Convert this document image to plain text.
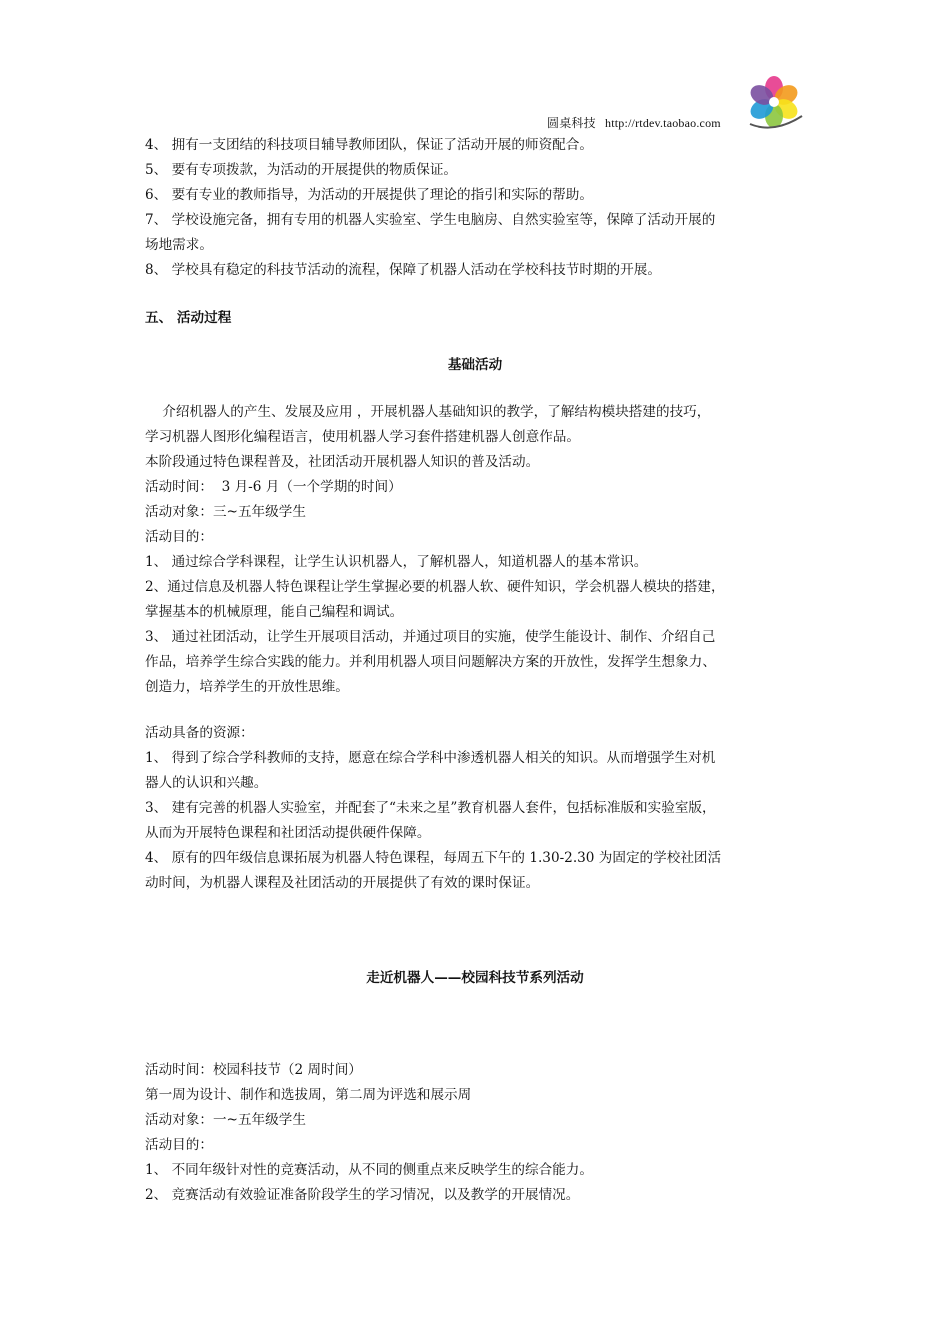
圆桌科技 http://rtdev.taobao.com
4、 拥有一支团结的科技项目辅导教师团队，保证了活动开展的师资配合。
5、 要有专项拨款，为活动的开展提供的物质保证。
6、 要有专业的教师指导，为活动的开展提供了理论的指引和实际的帮助。
7、 学校设施完备，拥有专用的机器人实验室、学生电脑房、自然实验室等，保障了活动开展的
场地需求。
8、 学校具有稳定的科技节活动的流程，保障了机器人活动在学校科技节时期的开展。
五、 活动过程
基础活动
介绍机器人的产生、发展及应用 ，开展机器人基础知识的教学，了解结构模块搭建的技巧，
学习机器人图形化编程语言，使用机器人学习套件搭建机器人创意作品。
本阶段通过特色课程普及，社团活动开展机器人知识的普及活动。
活动时间：  3 月-6 月（一个学期的时间）
活动对象：三~五年级学生
活动目的：
1、 通过综合学科课程，让学生认识机器人，了解机器人，知道机器人的基本常识。
2、通过信息及机器人特色课程让学生掌握必要的机器人软、硬件知识，学会机器人模块的搭建，
掌握基本的机械原理，能自己编程和调试。
3、 通过社团活动，让学生开展项目活动，并通过项目的实施，使学生能设计、制作、介绍自己
作品，培养学生综合实践的能力。并利用机器人项目问题解决方案的开放性，发挥学生想象力、
创造力，培养学生的开放性思维。
活动具备的资源：
1、 得到了综合学科教师的支持，愿意在综合学科中渗透机器人相关的知识。从而增强学生对机
器人的认识和兴趣。
3、 建有完善的机器人实验室，并配套了“未来之星”教育机器人套件，包括标准版和实验室版，
从而为开展特色课程和社团活动提供硬件保障。
4、 原有的四年级信息课拓展为机器人特色课程，每周五下午的 1.30-2.30 为固定的学校社团活
动时间，为机器人课程及社团活动的开展提供了有效的课时保证。
走近机器人——校园科技节系列活动
活动时间：校园科技节（2 周时间）
第一周为设计、制作和选拔周，第二周为评选和展示周
活动对象：一~五年级学生
活动目的：
1、 不同年级针对性的竞赛活动，从不同的侧重点来反映学生的综合能力。
2、 竞赛活动有效验证准备阶段学生的学习情况，以及教学的开展情况。
